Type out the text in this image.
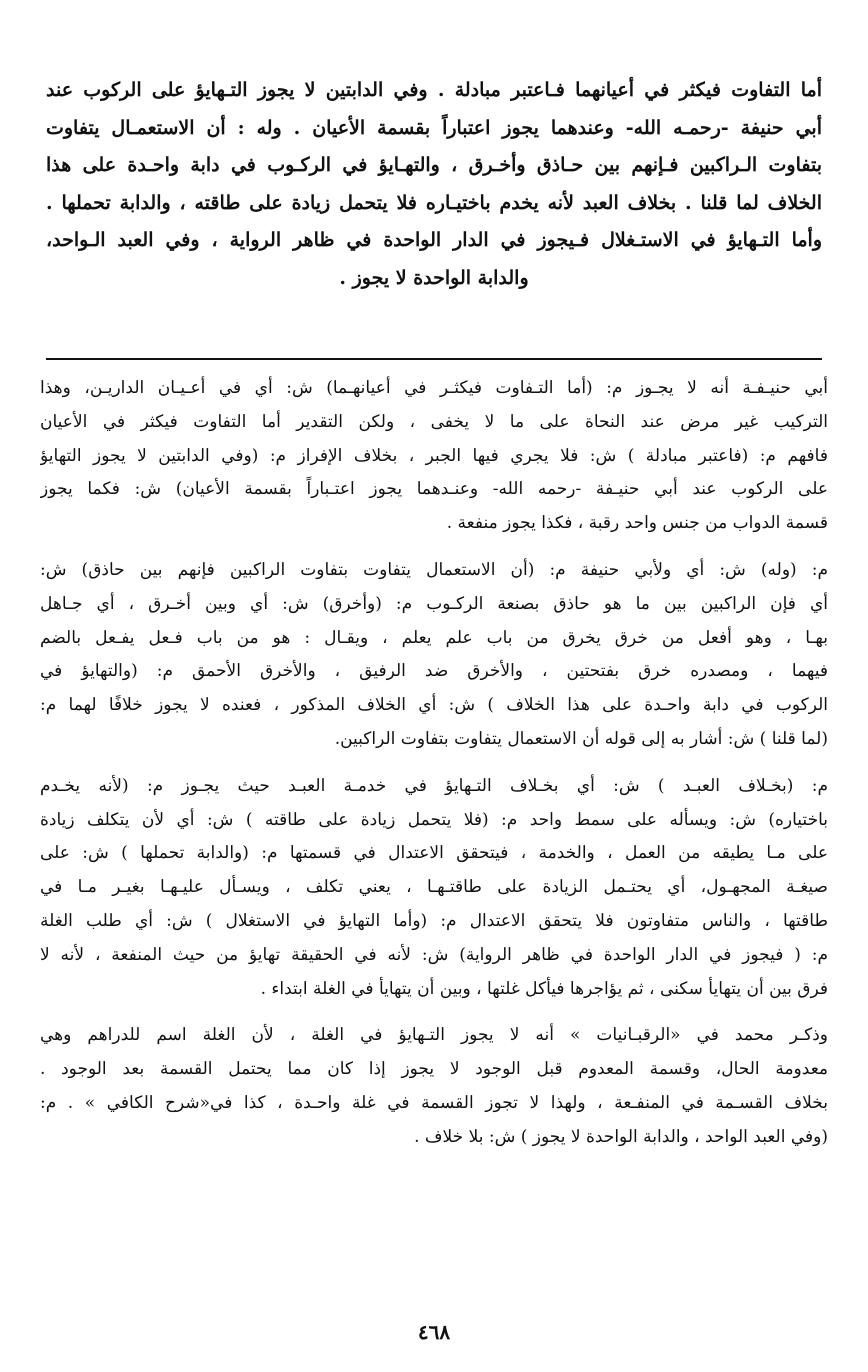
أما التفاوت فيكثر في أعيانهما فـاعتبر مبادلة . وفي الدابتين لا يجوز التـهايؤ على الركوب عند
أبي حنيفة -رحمـه الله- وعندهما يجوز اعتباراً بقسمة الأعيان . وله : أن الاستعمـال يتفاوت
بتفاوت الـراكبين فـإنهم بين حـاذق وأخـرق ، والتهـايؤ في الركـوب في دابة واحـدة على هذا
الخلاف لما قلنا . بخلاف العبد لأنه يخدم باختيـاره فلا يتحمل زيادة على طاقته ، والدابة تحملها .
وأما التـهايؤ في الاستـغلال فـيجوز في الدار الواحدة في ظاهر الرواية ، وفي العبد الـواحد،
والدابة الواحدة لا يجوز .
أبي حنيـفـة أنه لا يجـوز م: (أما التـفاوت فيكثـر في أعيانهـما) ش: أي في أعـيـان الداريـن، وهذا
التركيب غير مرض عند النحاة على ما لا يخفى ، ولكن التقدير أما التفاوت فيكثر في الأعيان
فافهم م: (فاعتبر مبادلة ) ش: فلا يجري فيها الجبر ، بخلاف الإفراز م: (وفي الدابتين لا يجوز التهايؤ
على الركوب عند أبي حنيـفة -رحمه الله- وعنـدهما يجوز اعتـباراً بقسمة الأعيان) ش: فكما يجوز
قسمة الدواب من جنس واحد رقبة ، فكذا يجوز منفعة .
م: (وله) ش: أي ولأبي حنيفة م: (أن الاستعمال يتفاوت بتفاوت الراكبين فإنهم بين حاذق) ش:
أي فإن الراكبين بين ما هو حاذق بصنعة الركـوب م: (وأخرق) ش: أي وبين أخـرق ، أي جـاهل
بهـا ، وهو أفعل من خرق يخرق من باب علم يعلم ، ويقـال : هو من باب فـعل يفـعل بالضم
فيهما ، ومصدره خرق بفتحتين ، والأخرق ضد الرفيق ، والأخرق الأحمق م: (والتهايؤ في
الركوب في دابة واحـدة على هذا الخلاف ) ش: أي الخلاف المذكور ، فعنده لا يجوز خلافًا لهما م:
(لما قلنا ) ش: أشار به إلى قوله أن الاستعمال يتفاوت بتفاوت الراكبين.
م: (بخـلاف العبـد ) ش: أي بخـلاف التـهايؤ في خدمـة العبـد حيث يجـوز م: (لأنه يخـدم
باختياره) ش: ويسأله على سمط واحد م: (فلا يتحمل زيادة على طاقته ) ش: أي لأن يتكلف زيادة
على مـا يطيقه من العمل ، والخدمة ، فيتحقق الاعتدال في قسمتها م: (والدابة تحملها ) ش: على
صيغـة المجهـول، أي يحتـمل الزيادة على طاقتـهـا ، يعني تكلف ، ويسـأل عليـهـا بغيـر مـا في
طاقتها ، والناس متفاوتون فلا يتحقق الاعتدال م: (وأما التهايؤ في الاستغلال ) ش: أي طلب الغلة
م: ( فيجوز في الدار الواحدة في ظاهر الرواية) ش: لأنه في الحقيقة تهايؤ من حيث المنفعة ، لأنه لا
فرق بين أن يتهايأ سكنى ، ثم يؤاجرها فيأكل غلتها ، وبين أن يتهايأ في الغلة ابتداء .
وذكـر محمد في «الرقبـانيات » أنه لا يجوز التـهايؤ في الغلة ، لأن الغلة اسم للدراهم وهي
معدومة الحال، وقسمة المعدوم قبل الوجود لا يجوز إذا كان مما يحتمل القسمة بعد الوجود .
بخلاف القسـمة في المنفـعة ، ولهذا لا تجوز القسمة في غلة واحـدة ، كذا في«شرح الكافي » . م:
(وفي العبد الواحد ، والدابة الواحدة لا يجوز ) ش: بلا خلاف .
٤٦٨
